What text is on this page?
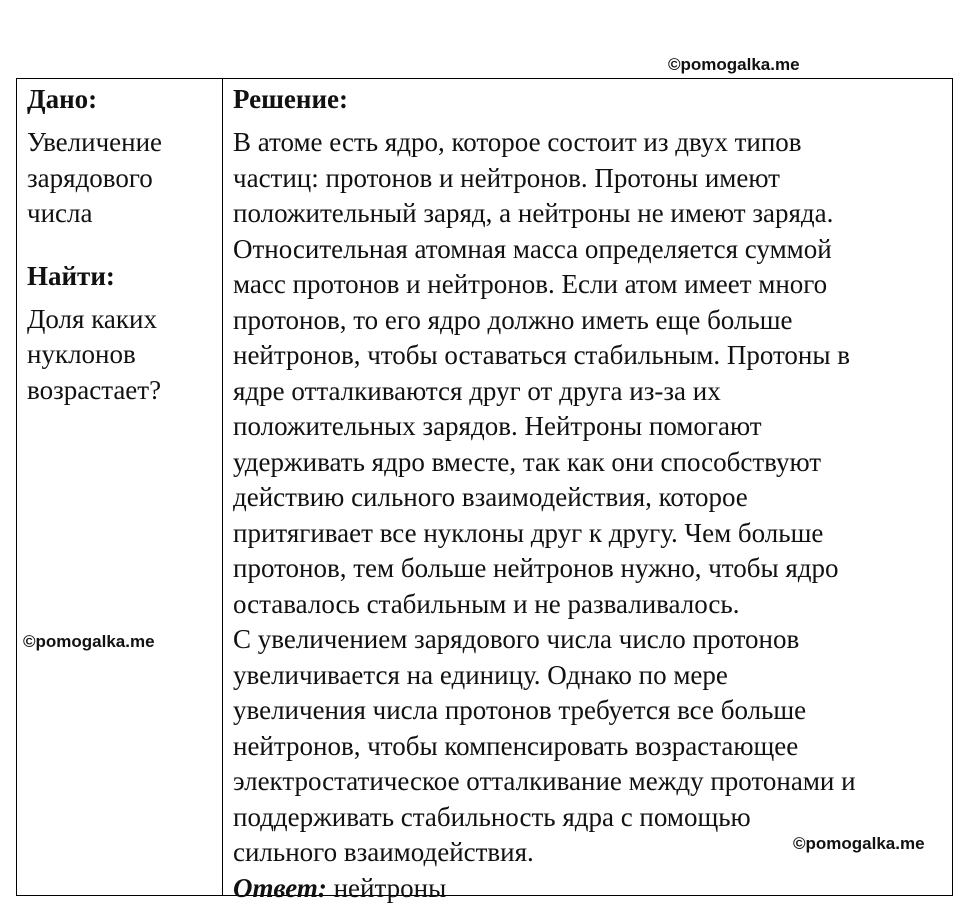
©pomogalka.me
Дано:
Увеличение
зарядового
числа
Найти:
Доля каких
нуклонов
возрастает?
Решение:
В атоме есть ядро, которое состоит из двух типов
частиц: протонов и нейтронов. Протоны имеют
положительный заряд, а нейтроны не имеют заряда.
Относительная атомная масса определяется суммой
масс протонов и нейтронов. Если атом имеет много
протонов, то его ядро должно иметь еще больше
нейтронов, чтобы оставаться стабильным. Протоны в
ядре отталкиваются друг от друга из-за их
положительных зарядов. Нейтроны помогают
удерживать ядро вместе, так как они способствуют
действию сильного взаимодействия, которое
притягивает все нуклоны друг к другу. Чем больше
протонов, тем больше нейтронов нужно, чтобы ядро
оставалось стабильным и не разваливалось.
С увеличением зарядового числа число протонов
увеличивается на единицу. Однако по мере
увеличения числа протонов требуется все больше
нейтронов, чтобы компенсировать возрастающее
электростатическое отталкивание между протонами и
поддерживать стабильность ядра с помощью
сильного взаимодействия.
Ответ: нейтроны
©pomogalka.me
©pomogalka.me
